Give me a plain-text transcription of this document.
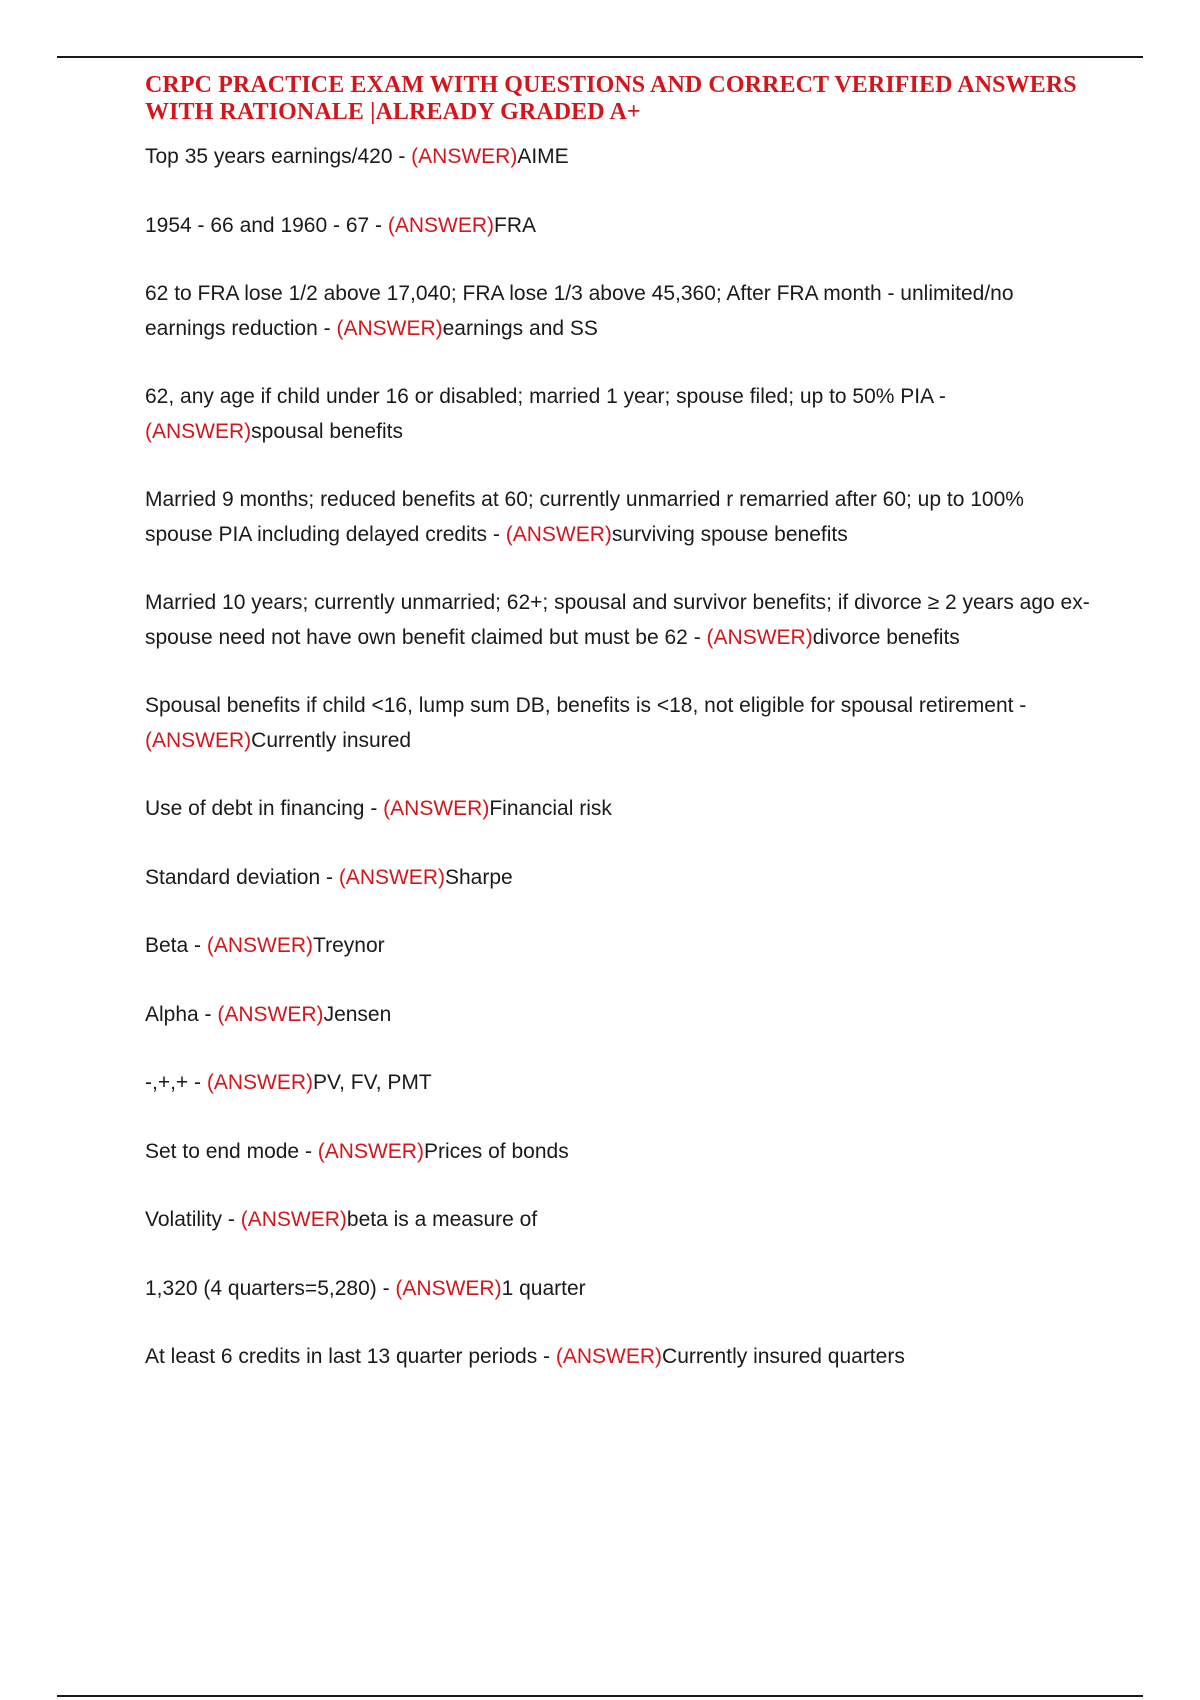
CRPC PRACTICE EXAM WITH QUESTIONS AND CORRECT VERIFIED ANSWERS WITH RATIONALE |ALREADY GRADED A+
Top 35 years earnings/420 - (ANSWER)AIME
1954 - 66 and 1960 - 67 - (ANSWER)FRA
62 to FRA lose 1/2 above 17,040; FRA lose 1/3 above 45,360; After FRA month - unlimited/no earnings reduction - (ANSWER)earnings and SS
62, any age if child under 16 or disabled; married 1 year; spouse filed; up to 50% PIA - (ANSWER)spousal benefits
Married 9 months; reduced benefits at 60; currently unmarried r remarried after 60; up to 100% spouse PIA including delayed credits - (ANSWER)surviving spouse benefits
Married 10 years; currently unmarried; 62+; spousal and survivor benefits; if divorce ≥ 2 years ago ex-spouse need not have own benefit claimed but must be 62 - (ANSWER)divorce benefits
Spousal benefits if child <16, lump sum DB, benefits is <18, not eligible for spousal retirement - (ANSWER)Currently insured
Use of debt in financing - (ANSWER)Financial risk
Standard deviation - (ANSWER)Sharpe
Beta - (ANSWER)Treynor
Alpha - (ANSWER)Jensen
-,+,+ - (ANSWER)PV, FV, PMT
Set to end mode - (ANSWER)Prices of bonds
Volatility - (ANSWER)beta is a measure of
1,320 (4 quarters=5,280) - (ANSWER)1 quarter
At least 6 credits in last 13 quarter periods - (ANSWER)Currently insured quarters
